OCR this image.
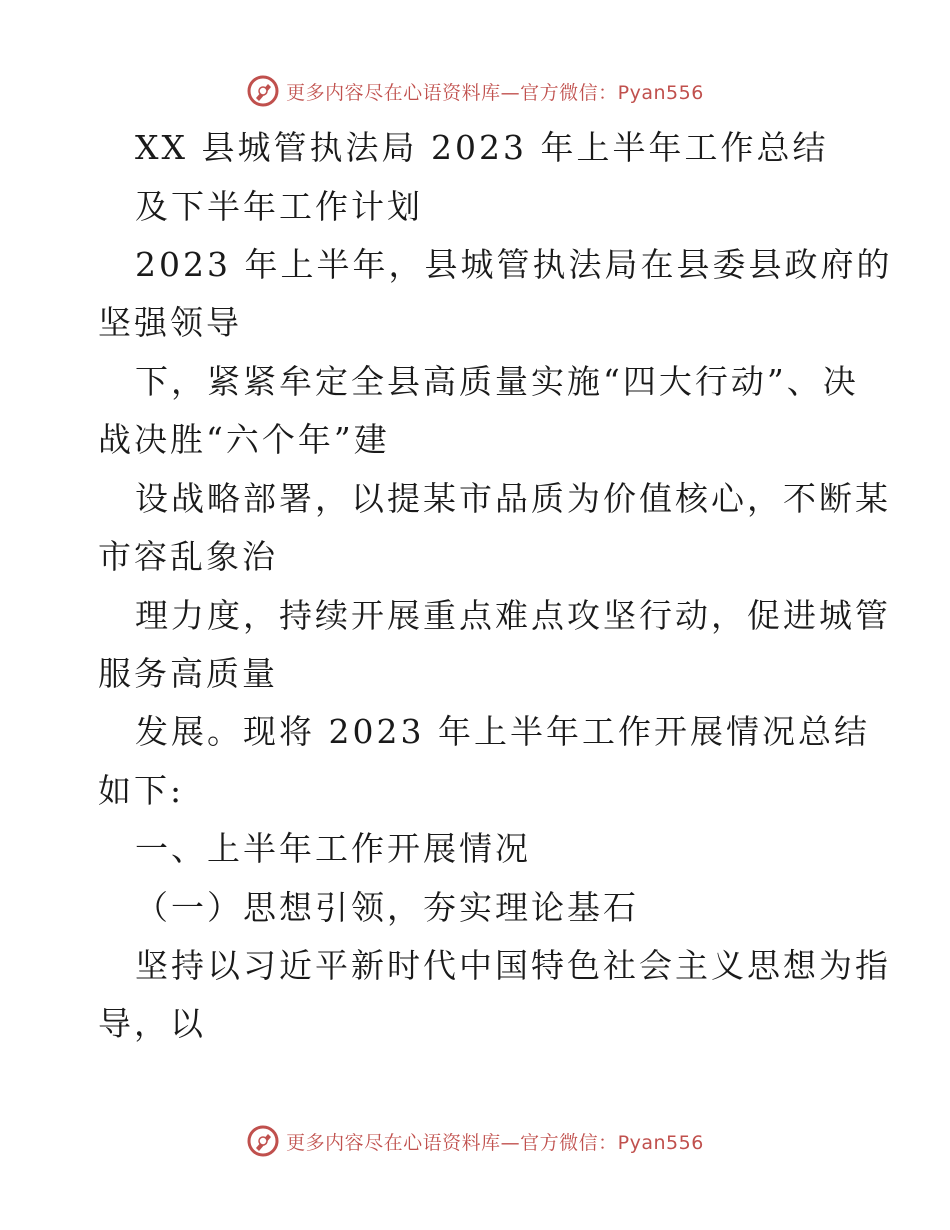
更多内容尽在心语资料库—官方微信：Pyan556
XX 县城管执法局 2023 年上半年工作总结
及下半年工作计划
2023 年上半年，县城管执法局在县委县政府的
坚强领导
下，紧紧牟定全县高质量实施“四大行动”、决
战决胜“六个年”建
设战略部署，以提某市品质为价值核心，不断某
市容乱象治
理力度，持续开展重点难点攻坚行动，促进城管
服务高质量
发展。现将 2023 年上半年工作开展情况总结
如下:
一、上半年工作开展情况
（一）思想引领，夯实理论基石
坚持以习近平新时代中国特色社会主义思想为指
导，以
更多内容尽在心语资料库—官方微信：Pyan556
